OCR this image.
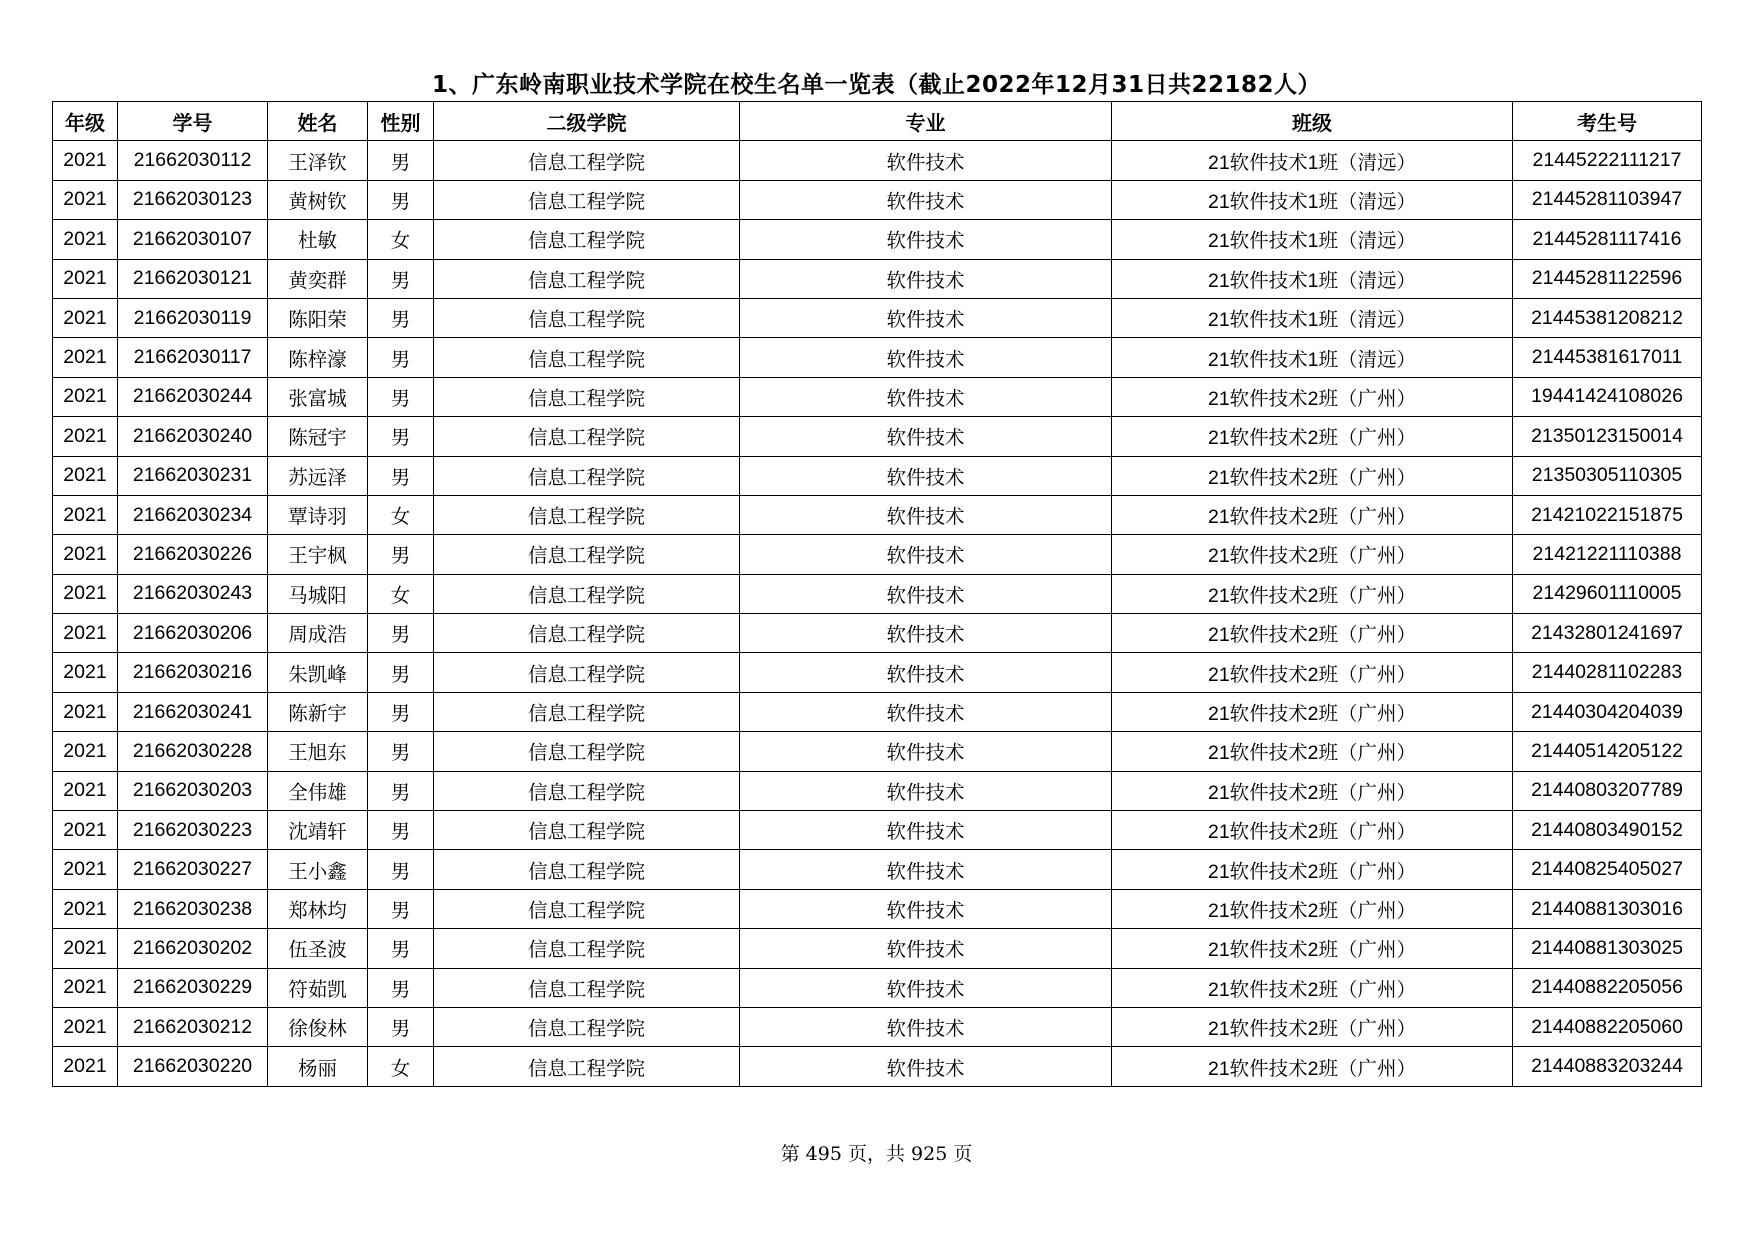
1、广东岭南职业技术学院在校生名单一览表（截止2022年12月31日共22182人）
年级	学号	姓名	性别	二级学院	专业	班级	考生号
2021	21662030112	王泽钦	男	信息工程学院	软件技术	21软件技术1班（清远）	21445222111217
2021	21662030123	黄树钦	男	信息工程学院	软件技术	21软件技术1班（清远）	21445281103947
2021	21662030107	杜敏	女	信息工程学院	软件技术	21软件技术1班（清远）	21445281117416
2021	21662030121	黄奕群	男	信息工程学院	软件技术	21软件技术1班（清远）	21445281122596
2021	21662030119	陈阳荣	男	信息工程学院	软件技术	21软件技术1班（清远）	21445381208212
2021	21662030117	陈梓濠	男	信息工程学院	软件技术	21软件技术1班（清远）	21445381617011
2021	21662030244	张富城	男	信息工程学院	软件技术	21软件技术2班（广州）	19441424108026
2021	21662030240	陈冠宇	男	信息工程学院	软件技术	21软件技术2班（广州）	21350123150014
2021	21662030231	苏远泽	男	信息工程学院	软件技术	21软件技术2班（广州）	21350305110305
2021	21662030234	覃诗羽	女	信息工程学院	软件技术	21软件技术2班（广州）	21421022151875
2021	21662030226	王宇枫	男	信息工程学院	软件技术	21软件技术2班（广州）	21421221110388
2021	21662030243	马城阳	女	信息工程学院	软件技术	21软件技术2班（广州）	21429601110005
2021	21662030206	周成浩	男	信息工程学院	软件技术	21软件技术2班（广州）	21432801241697
2021	21662030216	朱凯峰	男	信息工程学院	软件技术	21软件技术2班（广州）	21440281102283
2021	21662030241	陈新宇	男	信息工程学院	软件技术	21软件技术2班（广州）	21440304204039
2021	21662030228	王旭东	男	信息工程学院	软件技术	21软件技术2班（广州）	21440514205122
2021	21662030203	全伟雄	男	信息工程学院	软件技术	21软件技术2班（广州）	21440803207789
2021	21662030223	沈靖轩	男	信息工程学院	软件技术	21软件技术2班（广州）	21440803490152
2021	21662030227	王小鑫	男	信息工程学院	软件技术	21软件技术2班（广州）	21440825405027
2021	21662030238	郑林均	男	信息工程学院	软件技术	21软件技术2班（广州）	21440881303016
2021	21662030202	伍圣波	男	信息工程学院	软件技术	21软件技术2班（广州）	21440881303025
2021	21662030229	符茹凯	男	信息工程学院	软件技术	21软件技术2班（广州）	21440882205056
2021	21662030212	徐俊林	男	信息工程学院	软件技术	21软件技术2班（广州）	21440882205060
2021	21662030220	杨丽	女	信息工程学院	软件技术	21软件技术2班（广州）	21440883203244
第 495 页，共 925 页
